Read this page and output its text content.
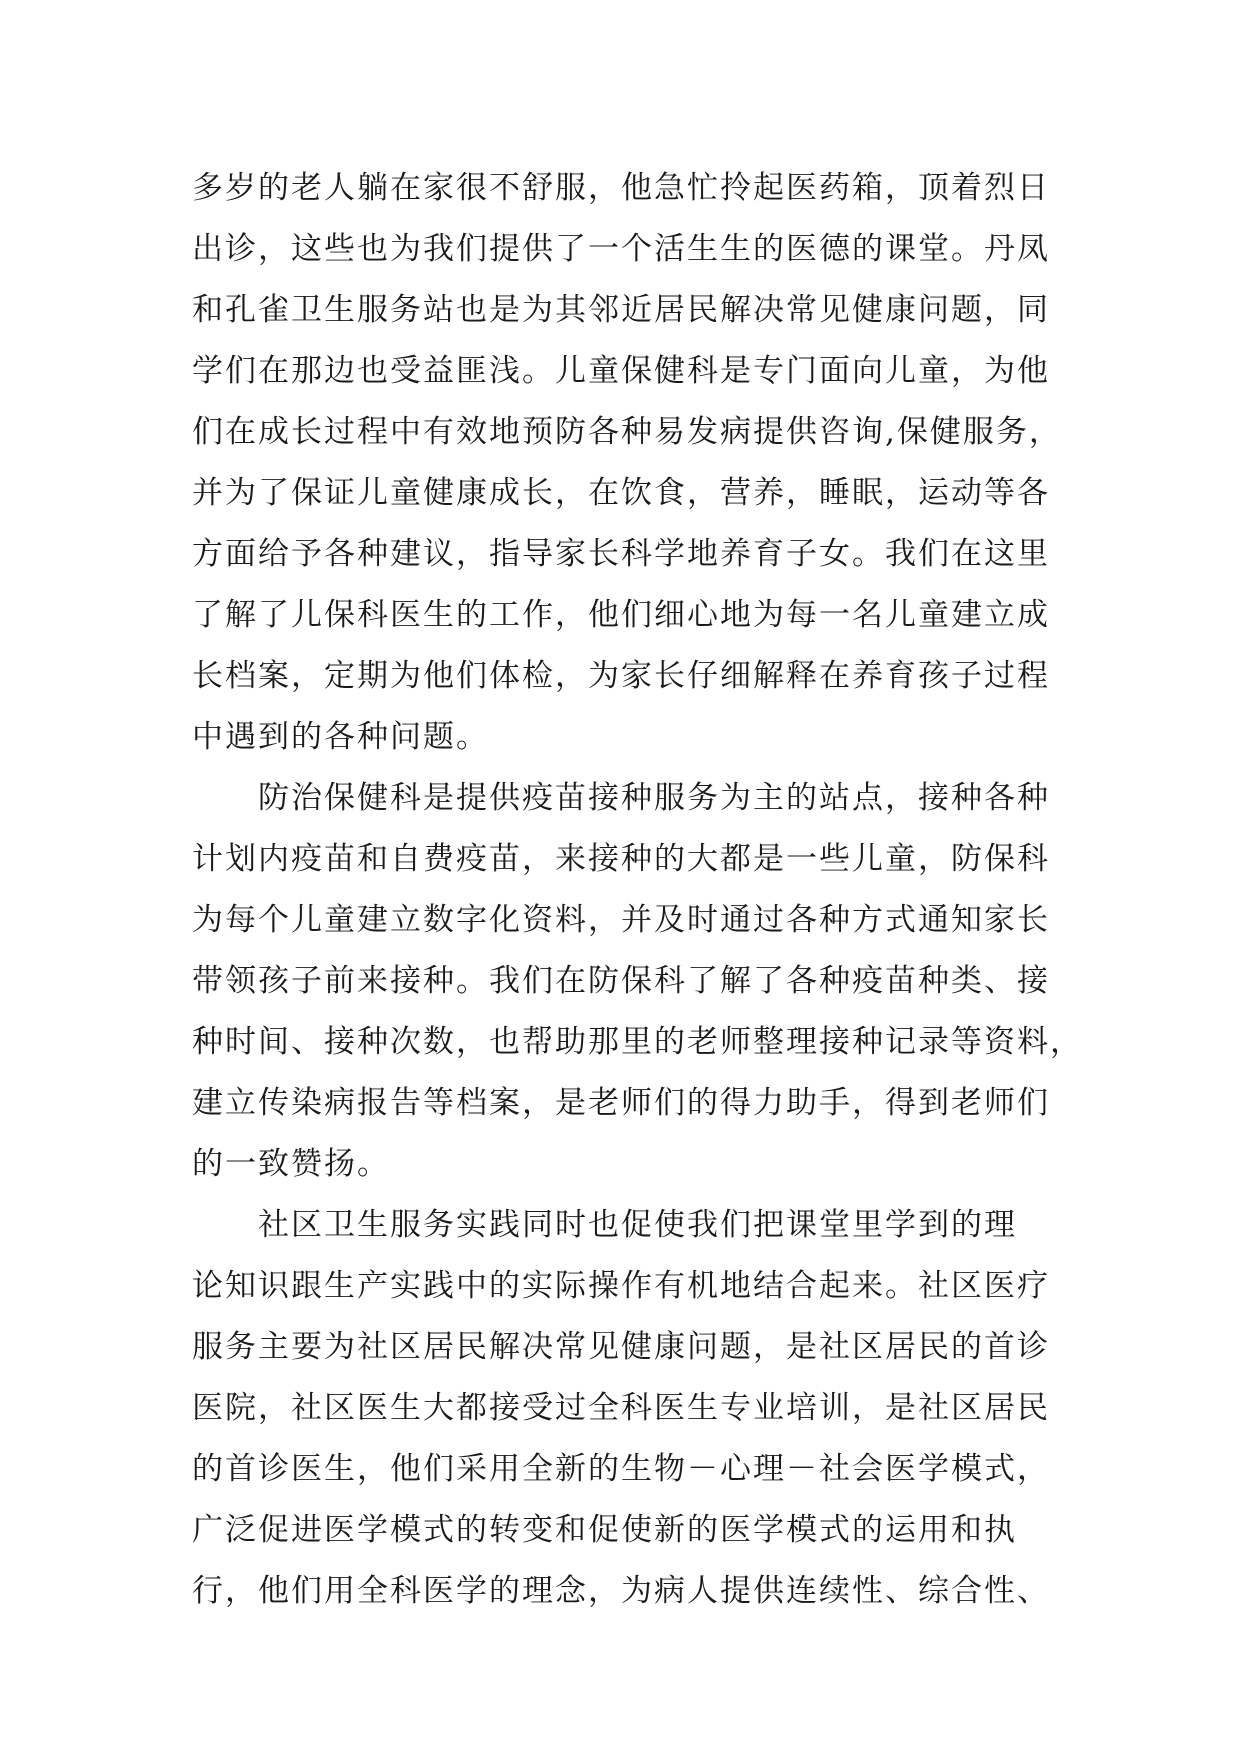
多岁的老人躺在家很不舒服，他急忙拎起医药箱，顶着烈日
出诊，这些也为我们提供了一个活生生的医德的课堂。丹凤
和孔雀卫生服务站也是为其邻近居民解决常见健康问题，同
学们在那边也受益匪浅。儿童保健科是专门面向儿童，为他
们在成长过程中有效地预防各种易发病提供咨询,保健服务，
并为了保证儿童健康成长，在饮食，营养，睡眠，运动等各
方面给予各种建议，指导家长科学地养育子女。我们在这里
了解了儿保科医生的工作，他们细心地为每一名儿童建立成
长档案，定期为他们体检，为家长仔细解释在养育孩子过程
中遇到的各种问题。
　　防治保健科是提供疫苗接种服务为主的站点，接种各种
计划内疫苗和自费疫苗，来接种的大都是一些儿童，防保科
为每个儿童建立数字化资料，并及时通过各种方式通知家长
带领孩子前来接种。我们在防保科了解了各种疫苗种类、接
种时间、接种次数，也帮助那里的老师整理接种记录等资料，
建立传染病报告等档案，是老师们的得力助手，得到老师们
的一致赞扬。
　　社区卫生服务实践同时也促使我们把课堂里学到的理
论知识跟生产实践中的实际操作有机地结合起来。社区医疗
服务主要为社区居民解决常见健康问题，是社区居民的首诊
医院，社区医生大都接受过全科医生专业培训，是社区居民
的首诊医生，他们采用全新的生物－心理－社会医学模式，
广泛促进医学模式的转变和促使新的医学模式的运用和执
行，他们用全科医学的理念，为病人提供连续性、综合性、
